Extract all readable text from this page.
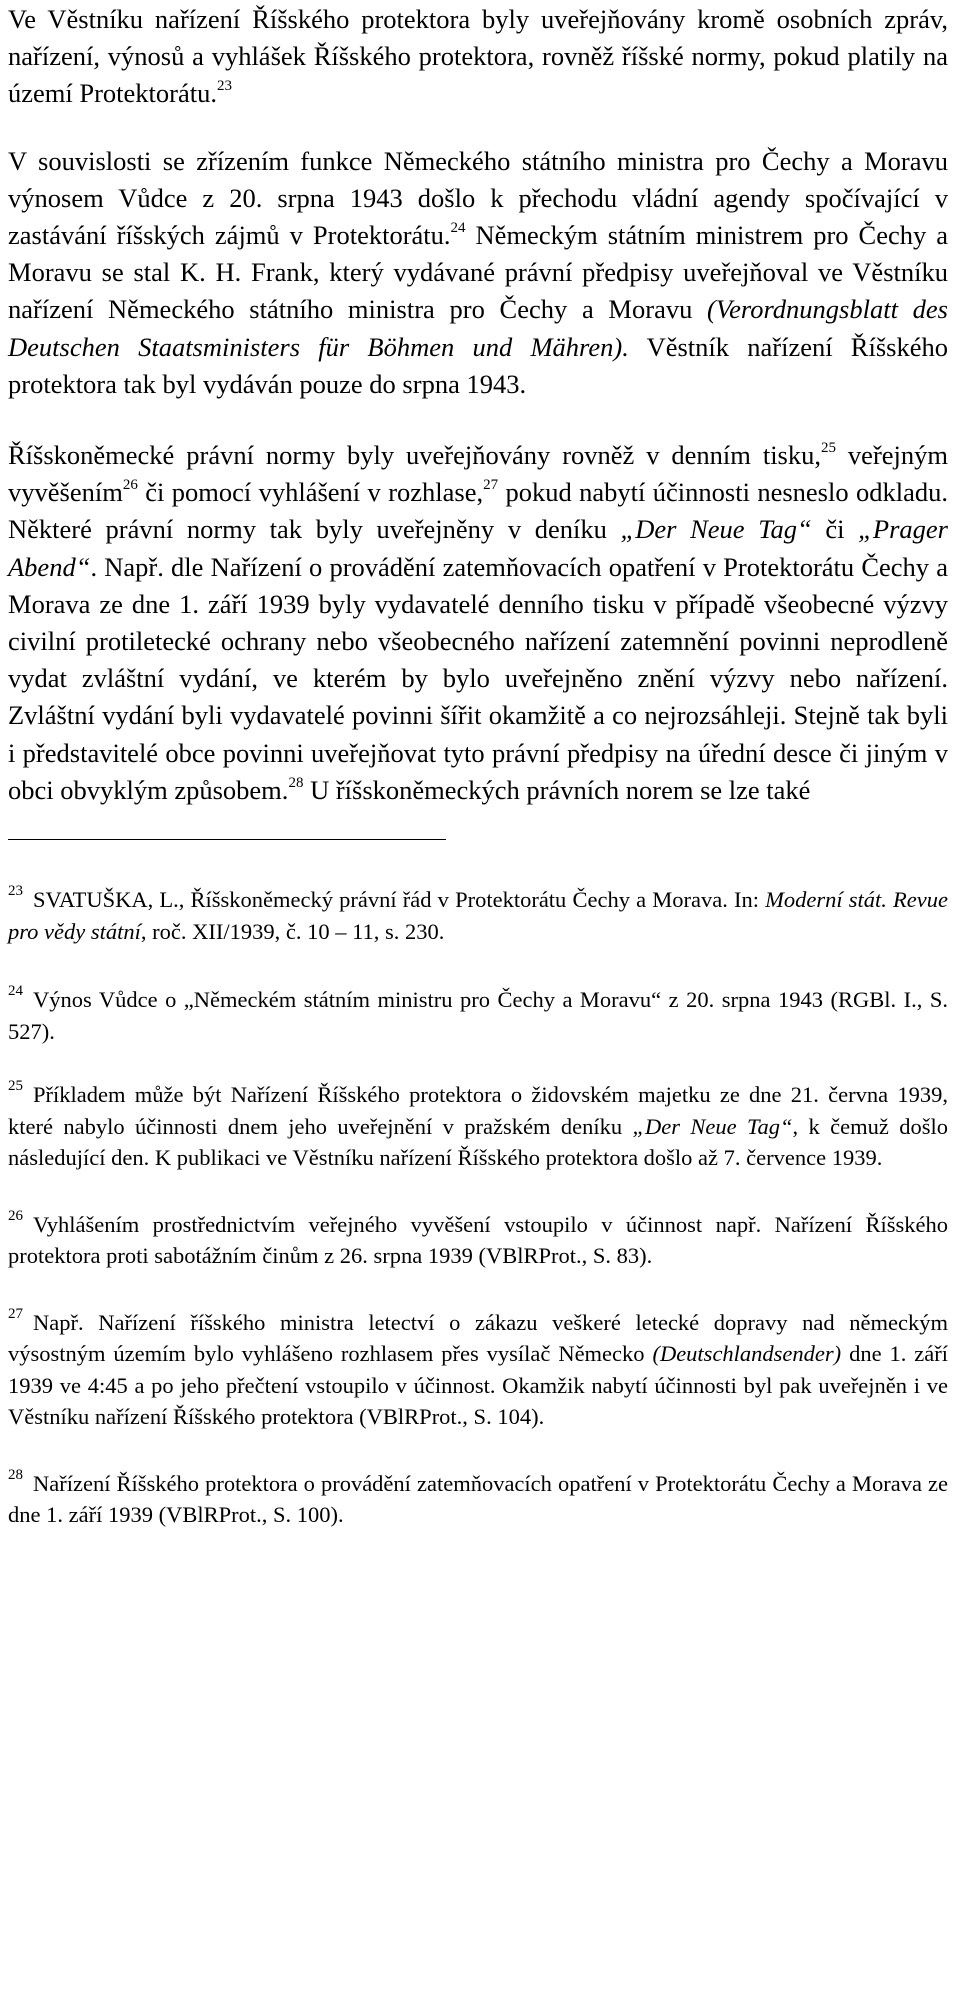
Ve Věstníku nařízení Říšského protektora byly uveřejňovány kromě osobních zpráv, nařízení, výnosů a vyhlášek Říšského protektora, rovněž říšské normy, pokud platily na území Protektorátu.$^{23}$

V souvislosti se zřízením funkce Německého státního ministra pro Čechy a Moravu výnosem Vůdce z 20. srpna 1943 došlo k přechodu vládní agendy spočívající v zastávání říšských zájmů v Protektorátu.$^{24}$ Německým státním ministrem pro Čechy a Moravu se stal K. H. Frank, který vydávané právní předpisy uveřejňoval ve Věstníku nařízení Německého státního ministra pro Čechy a Moravu (Verordnungsblatt des Deutschen Staatsministers für Böhmen und Mähren). Věstník nařízení Říšského protektora tak byl vydáván pouze do srpna 1943.

Říšskoněmecké právní normy byly uveřejňovány rovněž v denním tisku,$^{25}$ veřejným vyvěšením$^{26}$ či pomocí vyhlášení v rozhlase,$^{27}$ pokud nabytí účinnosti nesneslo odkladu. Některé právní normy tak byly uveřejněny v deníku „Der Neue Tag“ či „Prager Abend“. Např. dle Nařízení o provádění zatemňovacích opatření v Protektorátu Čechy a Morava ze dne 1. září 1939 byly vydavatelé denního tisku v případě všeobecné výzvy civilní protiletecké ochrany nebo všeobecného nařízení zatemnění povinni neprodleně vydat zvláštní vydání, ve kterém by bylo uveřejněno znění výzvy nebo nařízení. Zvláštní vydání byli vydavatelé povinni šířit okamžitě a co nejrozsáhleji. Stejně tak byli i představitelé obce povinni uveřejňovat tyto právní předpisy na úřední desce či jiným v obci obvyklým způsobem.$^{28}$ U říšskoněmeckých právních norem se lze také

$^{23}$ SVATUŠKA, L., Říšskoněmecký právní řád v Protektorátu Čechy a Morava. In: Moderní stát. Revue pro vědy státní, roč. XII/1939, č. 10 – 11, s. 230.

$^{24}$ Výnos Vůdce o „Německém státním ministru pro Čechy a Moravu“ z 20. srpna 1943 (RGBl. I., S. 527).

$^{25}$ Příkladem může být Nařízení Říšského protektora o židovském majetku ze dne 21. června 1939, které nabylo účinnosti dnem jeho uveřejnění v pražském deníku „Der Neue Tag“, k čemuž došlo následující den. K publikaci ve Věstníku nařízení Říšského protektora došlo až 7. července 1939.

$^{26}$ Vyhlášením prostřednictvím veřejného vyvěšení vstoupilo v účinnost např. Nařízení Říšského protektora proti sabotážním činům z 26. srpna 1939 (VBlRProt., S. 83).

$^{27}$ Např. Nařízení říšského ministra letectví o zákazu veškeré letecké dopravy nad německým výsostným územím bylo vyhlášeno rozhlasem přes vysílač Německo (Deutschlandsender) dne 1. září 1939 ve 4:45 a po jeho přečtení vstoupilo v účinnost. Okamžik nabytí účinnosti byl pak uveřejněn i ve Věstníku nařízení Říšského protektora (VBlRProt., S. 104).

$^{28}$ Nařízení Říšského protektora o provádění zatemňovacích opatření v Protektorátu Čechy a Morava ze dne 1. září 1939 (VBlRProt., S. 100).
